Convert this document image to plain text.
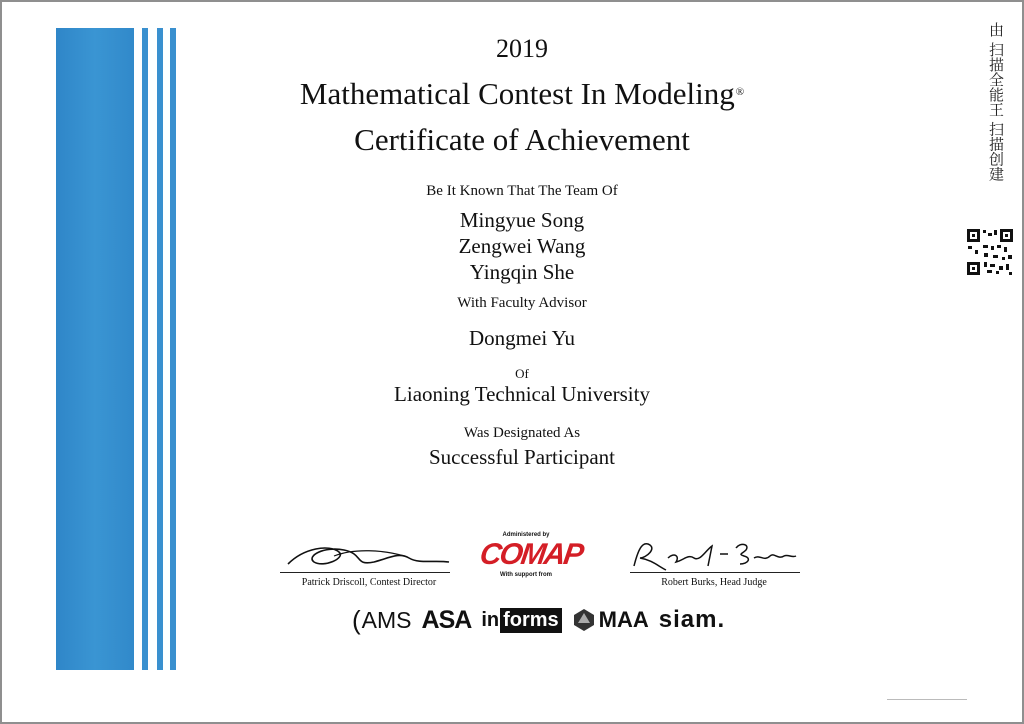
2019
Mathematical Contest In Modeling®
Certificate of Achievement
Be It Known That The Team Of
Mingyue Song
Zengwei Wang
Yingqin She
With Faculty Advisor
Dongmei Yu
Of
Liaoning Technical University
Was Designated As
Successful Participant
Patrick Driscoll, Contest Director
Administered by
COMAP
With support from
Robert Burks, Head Judge
( AMS ASA in forms MAA siam.
由 扫描全能王 扫描创建
